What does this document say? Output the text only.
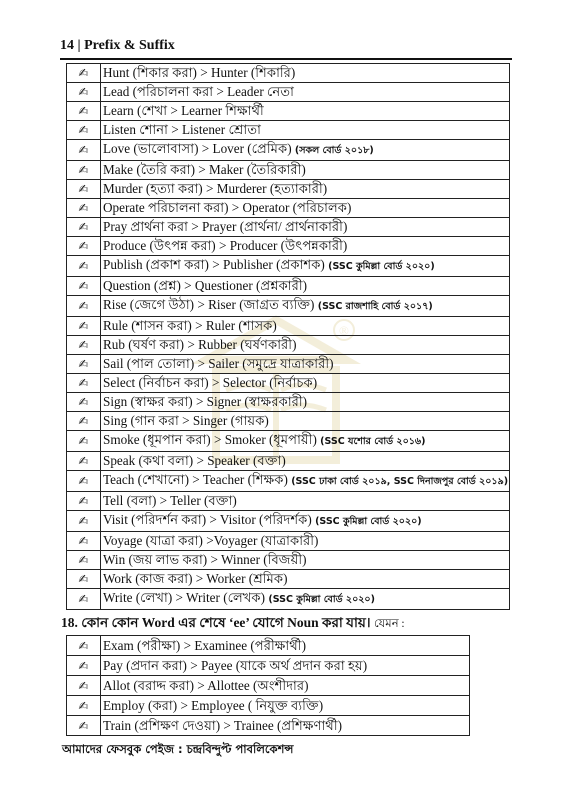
14 | Prefix & Suffix
®
✍	Hunt (শিকার করা) > Hunter (শিকারি)
✍	Lead (পরিচালনা করা > Leader নেতা
✍	Learn (শেখা > Learner শিক্ষার্থী
✍	Listen শোনা > Listener শ্রোতা
✍	Love (ভালোবাসা) > Lover (প্রেমিক) (সকল বোর্ড ২০১৮)
✍	Make (তৈরি করা) > Maker (তৈরিকারী)
✍	Murder (হত্যা করা) > Murderer (হত্যাকারী)
✍	Operate পরিচালনা করা) > Operator (পরিচালক)
✍	Pray প্রার্থনা করা > Prayer (প্রার্থনা/ প্রার্থনাকারী)
✍	Produce (উৎপন্ন করা) > Producer (উৎপন্নকারী)
✍	Publish (প্রকাশ করা) > Publisher (প্রকাশক) (SSC কুমিল্লা বোর্ড ২০২০)
✍	Question (প্রশ্ন) > Questioner (প্রশ্নকারী)
✍	Rise (জেগে উঠা) > Riser (জাগ্রত ব্যক্তি) (SSC রাজশাহি বোর্ড ২০১৭)
✍	Rule (শাসন করা) > Ruler (শাসক)
✍	Rub (ঘর্ষণ করা) > Rubber (ঘর্ষণকারী)
✍	Sail (পাল তোলা) > Sailer (সমুদ্রে যাত্রাকারী)
✍	Select (নির্বাচন করা) > Selector (নির্বাচক)
✍	Sign (স্বাক্ষর করা) > Signer (স্বাক্ষরকারী)
✍	Sing (গান করা > Singer (গায়ক)
✍	Smoke (ধূমপান করা) > Smoker (ধূমপায়ী) (SSC যশোর বোর্ড ২০১৬)
✍	Speak (কথা বলা) > Speaker (বক্তা)
✍	Teach (শেখানো) > Teacher (শিক্ষক) (SSC ঢাকা বোর্ড ২০১৯, SSC দিনাজপুর বোর্ড ২০১৯)
✍	Tell (বলা) > Teller (বক্তা)
✍	Visit (পরিদর্শন করা) > Visitor (পরিদর্শক) (SSC কুমিল্লা বোর্ড ২০২০)
✍	Voyage (যাত্রা করা) >Voyager (যাত্রাকারী)
✍	Win (জয় লাভ করা) > Winner (বিজয়ী)
✍	Work (কাজ করা) > Worker (শ্রমিক)
✍	Write (লেখা) > Writer (লেখক) (SSC কুমিল্লা বোর্ড ২০২০)
18. কোন কোন Word এর শেষে ‘ee’ যোগে Noun করা যায়। যেমন :
✍	Exam (পরীক্ষা) > Examinee (পরীক্ষার্থী)
✍	Pay (প্রদান করা) > Payee (যাকে অর্থ প্রদান করা হয়)
✍	Allot (বরাদ্দ করা) > Allottee (অংশীদার)
✍	Employ (করা) > Employee ( নিযুক্ত ব্যক্তি)
✍	Train (প্রশিক্ষণ দেওয়া) > Trainee (প্রশিক্ষণার্থী)
আমাদের ফেসবুক পেইজ : চন্দ্রবিন্দুপ্ট পাবলিকেশন্স
